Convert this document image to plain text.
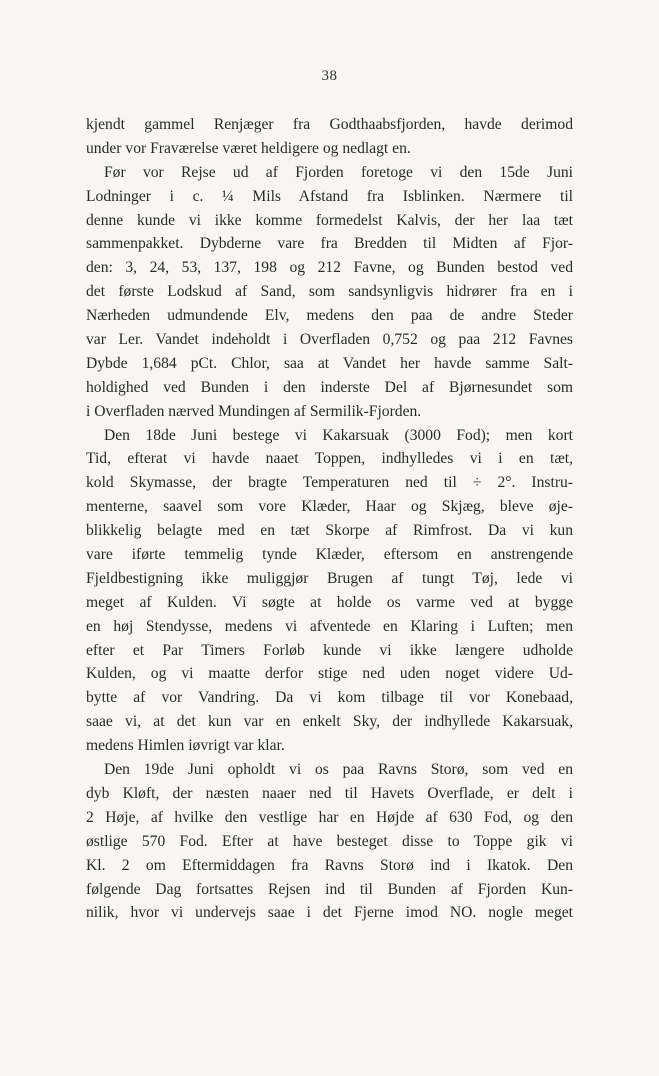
38
kjendt gammel Renjæger fra Godthaabsfjorden, havde derimod
under vor Fraværelse været heldigere og nedlagt en.
Før vor Rejse ud af Fjorden foretoge vi den 15de Juni
Lodninger i c. ¼ Mils Afstand fra Isblinken. Nærmere til
denne kunde vi ikke komme formedelst Kalvis, der her laa tæt
sammenpakket. Dybderne vare fra Bredden til Midten af Fjor-
den: 3, 24, 53, 137, 198 og 212 Favne, og Bunden bestod ved
det første Lodskud af Sand, som sandsynligvis hidrører fra en i
Nærheden udmundende Elv, medens den paa de andre Steder
var Ler. Vandet indeholdt i Overfladen 0,752 og paa 212 Favnes
Dybde 1,684 pCt. Chlor, saa at Vandet her havde samme Salt-
holdighed ved Bunden i den inderste Del af Bjørnesundet som
i Overfladen nærved Mundingen af Sermilik-Fjorden.
Den 18de Juni bestege vi Kakarsuak (3000 Fod); men kort
Tid, efterat vi havde naaet Toppen, indhylledes vi i en tæt,
kold Skymasse, der bragte Temperaturen ned til ÷ 2°. Instru-
menterne, saavel som vore Klæder, Haar og Skjæg, bleve øje-
blikkelig belagte med en tæt Skorpe af Rimfrost. Da vi kun
vare iførte temmelig tynde Klæder, eftersom en anstrengende
Fjeldbestigning ikke muliggjør Brugen af tungt Tøj, lede vi
meget af Kulden. Vi søgte at holde os varme ved at bygge
en høj Stendysse, medens vi afventede en Klaring i Luften; men
efter et Par Timers Forløb kunde vi ikke længere udholde
Kulden, og vi maatte derfor stige ned uden noget videre Ud-
bytte af vor Vandring. Da vi kom tilbage til vor Konebaad,
saae vi, at det kun var en enkelt Sky, der indhyllede Kakarsuak,
medens Himlen iøvrigt var klar.
Den 19de Juni opholdt vi os paa Ravns Storø, som ved en
dyb Kløft, der næsten naaer ned til Havets Overflade, er delt i
2 Høje, af hvilke den vestlige har en Højde af 630 Fod, og den
østlige 570 Fod. Efter at have besteget disse to Toppe gik vi
Kl. 2 om Eftermiddagen fra Ravns Storø ind i Ikatok. Den
følgende Dag fortsattes Rejsen ind til Bunden af Fjorden Kun-
nilik, hvor vi undervejs saae i det Fjerne imod NO. nogle meget
